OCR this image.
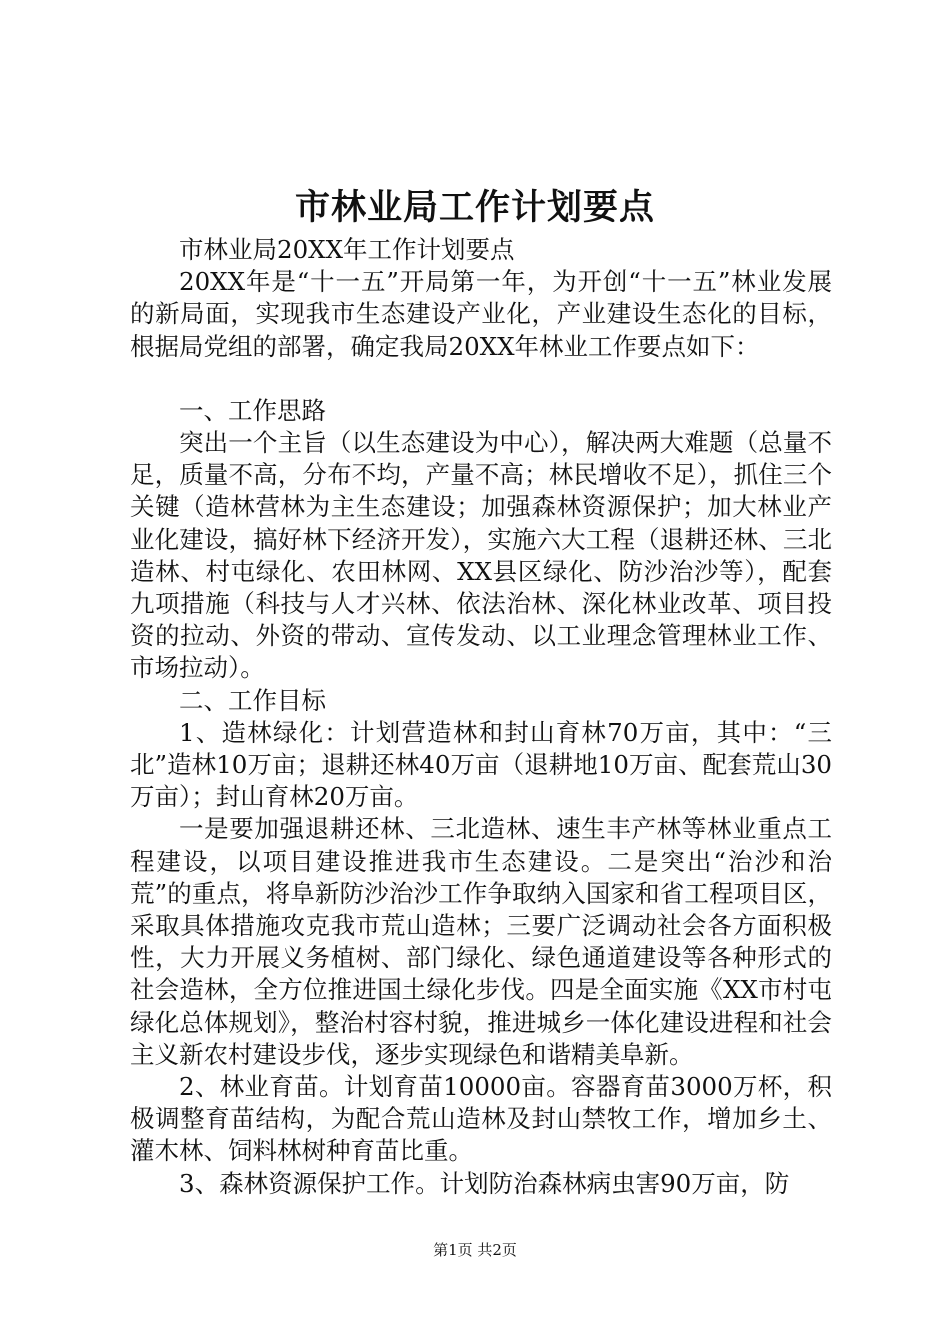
市林业局工作计划要点

市林业局20XX年工作计划要点

20XX年是“十一五”开局第一年，为开创“十一五”林业发展的新局面，实现我市生态建设产业化，产业建设生态化的目标，根据局党组的部署，确定我局20XX年林业工作要点如下：

一、工作思路

突出一个主旨（以生态建设为中心），解决两大难题（总量不足，质量不高，分布不均，产量不高；林民增收不足），抓住三个关键（造林营林为主生态建设；加强森林资源保护；加大林业产业化建设，搞好林下经济开发），实施六大工程（退耕还林、三北造林、村屯绿化、农田林网、XX县区绿化、防沙治沙等），配套九项措施（科技与人才兴林、依法治林、深化林业改革、项目投资的拉动、外资的带动、宣传发动、以工业理念管理林业工作、市场拉动）。

二、工作目标

1、造林绿化：计划营造林和封山育林70万亩，其中：“三北”造林10万亩；退耕还林40万亩（退耕地10万亩、配套荒山30万亩）；封山育林20万亩。

一是要加强退耕还林、三北造林、速生丰产林等林业重点工程建设，以项目建设推进我市生态建设。二是突出“治沙和治荒”的重点，将阜新防沙治沙工作争取纳入国家和省工程项目区，采取具体措施攻克我市荒山造林；三要广泛调动社会各方面积极性，大力开展义务植树、部门绿化、绿色通道建设等各种形式的社会造林，全方位推进国土绿化步伐。四是全面实施《XX市村屯绿化总体规划》，整治村容村貌，推进城乡一体化建设进程和社会主义新农村建设步伐，逐步实现绿色和谐精美阜新。

2、林业育苗。计划育苗10000亩。容器育苗3000万杯，积极调整育苗结构，为配合荒山造林及封山禁牧工作，增加乡土、灌木林、饲料林树种育苗比重。

3、森林资源保护工作。计划防治森林病虫害90万亩，防

第1页 共2页
